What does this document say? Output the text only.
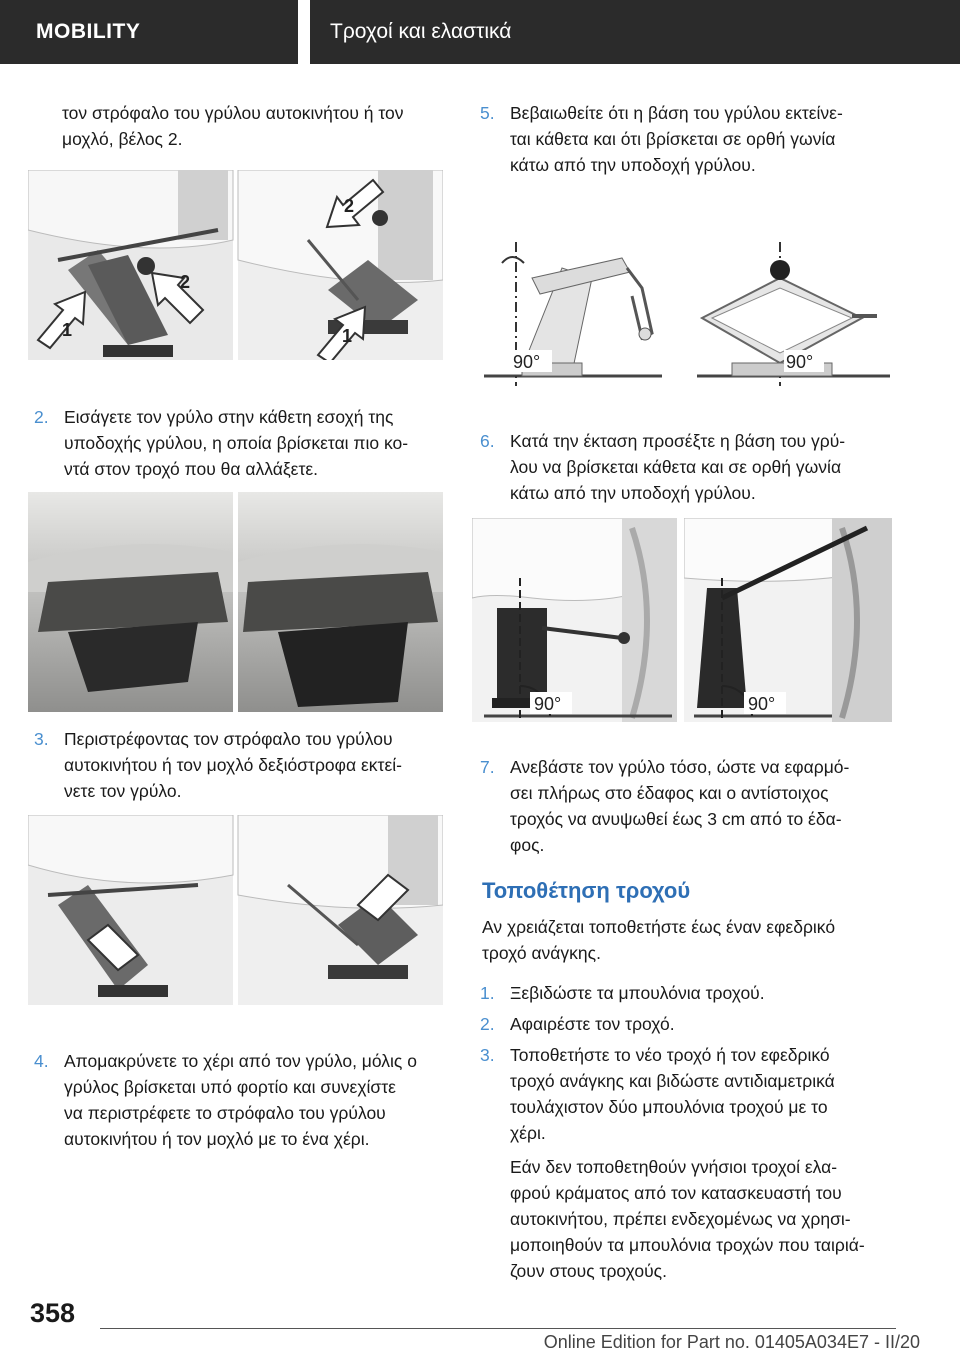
MOBILITY	Τροχοί και ελαστικά

τον στρόφαλο του γρύλου αυτοκινήτου ή τον

μοχλό, βέλος 2.

1
2
2
1
2. Εισάγετε τον γρύλο στην κάθετη εσοχή της

υποδοχής γρύλου, η οποία βρίσκεται πιο κο-

ντά στον τροχό που θα αλλάξετε.

3. Περιστρέφοντας τον στρόφαλο του γρύλου

αυτοκινήτου ή τον μοχλό δεξιόστροφα εκτεί-

νετε τον γρύλο.

4. Απομακρύνετε το χέρι από τον γρύλο, μόλις ο

γρύλος βρίσκεται υπό φορτίο και συνεχίστε

να περιστρέφετε το στρόφαλο του γρύλου

αυτοκινήτου ή τον μοχλό με το ένα χέρι.

5. Βεβαιωθείτε ότι η βάση του γρύλου εκτείνε-

ται κάθετα και ότι βρίσκεται σε ορθή γωνία

κάτω από την υποδοχή γρύλου.

90°	90°
6. Κατά την έκταση προσέξτε η βάση του γρύ-

λου να βρίσκεται κάθετα και σε ορθή γωνία

κάτω από την υποδοχή γρύλου.

90°	90°
7. Ανεβάστε τον γρύλο τόσο, ώστε να εφαρμό-

σει πλήρως στο έδαφος και ο αντίστοιχος

τροχός να ανυψωθεί έως 3 cm από το έδα-

φος.

Τοποθέτηση τροχού

Αν χρειάζεται τοποθετήστε έως έναν εφεδρικό

τροχό ανάγκης.

1. Ξεβιδώστε τα μπουλόνια τροχού.

2. Αφαιρέστε τον τροχό.

3. Τοποθετήστε το νέο τροχό ή τον εφεδρικό

τροχό ανάγκης και βιδώστε αντιδιαμετρικά

τουλάχιστον δύο μπουλόνια τροχού με το

χέρι.

Εάν δεν τοποθετηθούν γνήσιοι τροχοί ελα-

φρού κράματος από τον κατασκευαστή του

αυτοκινήτου, πρέπει ενδεχομένως να χρησι-

μοποιηθούν τα μπουλόνια τροχών που ταιριά-

ζουν στους τροχούς.

358
Online Edition for Part no. 01405A034E7 - II/20
